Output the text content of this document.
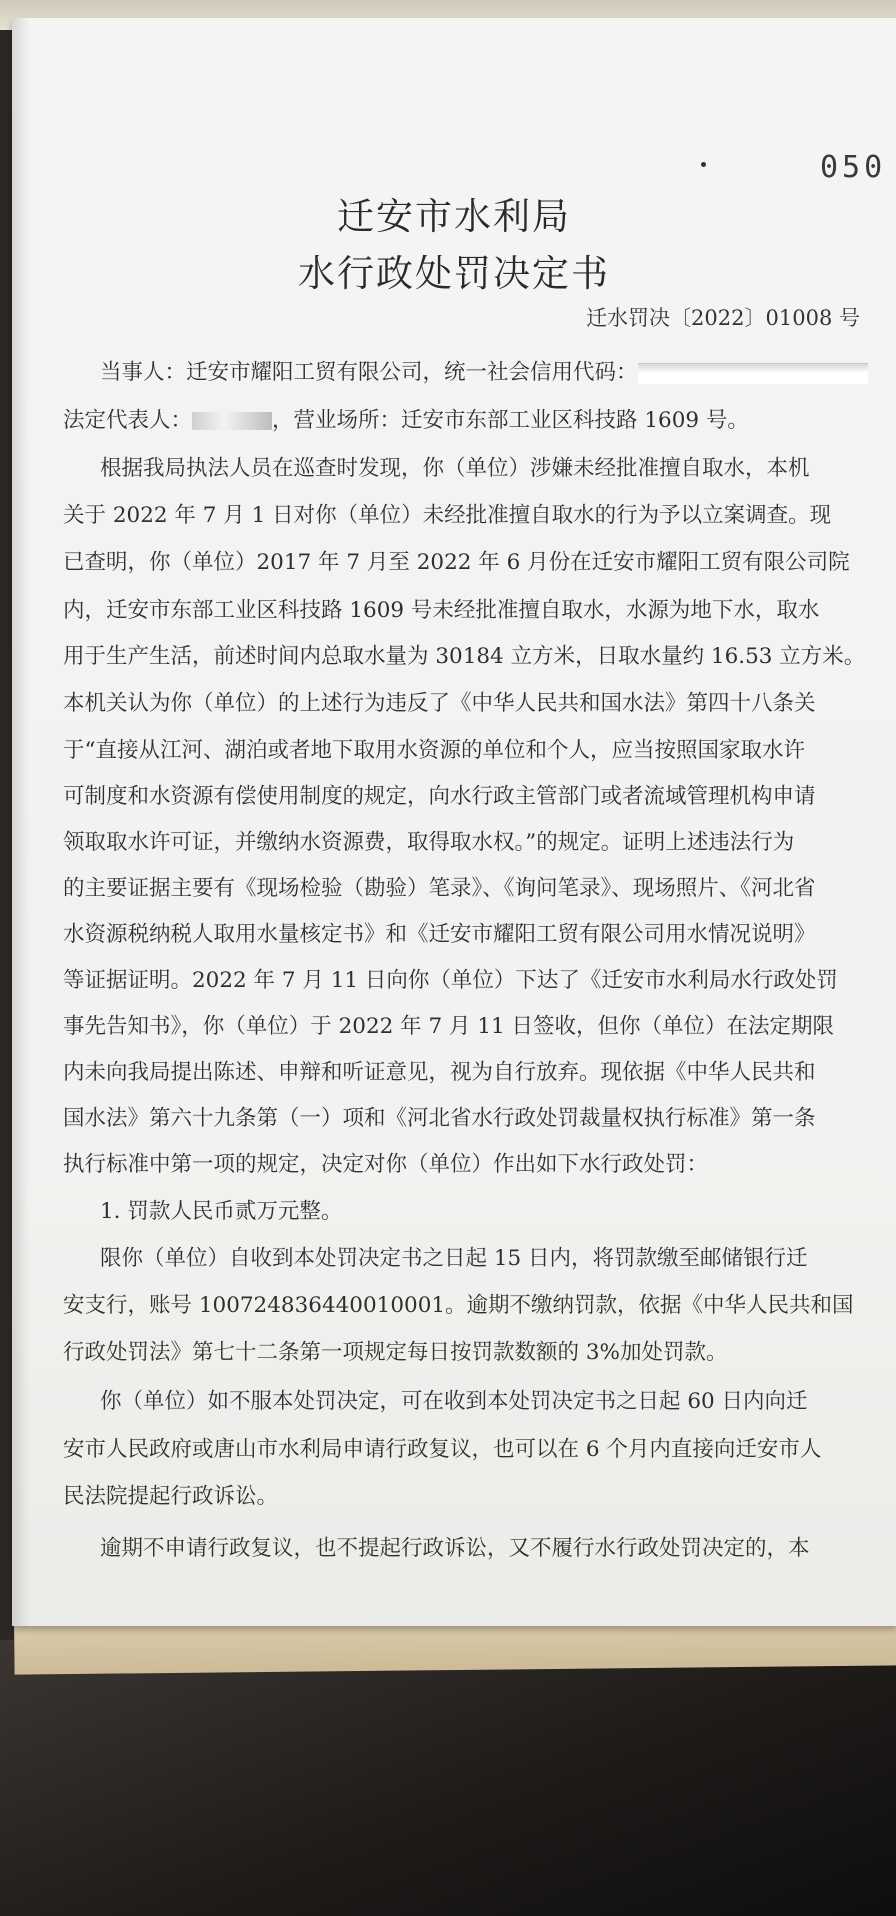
050
迁安市水利局
水行政处罚决定书
迁水罚决〔2022〕01008 号
当事人：迁安市耀阳工贸有限公司，统一社会信用代码：
法定代表人：	，营业场所：迁安市东部工业区科技路 1609 号。
根据我局执法人员在巡查时发现，你（单位）涉嫌未经批准擅自取水，本机
关于 2022 年 7 月 1 日对你（单位）未经批准擅自取水的行为予以立案调查。现
已查明，你（单位）2017 年 7 月至 2022 年 6 月份在迁安市耀阳工贸有限公司院
内，迁安市东部工业区科技路 1609 号未经批准擅自取水，水源为地下水，取水
用于生产生活，前述时间内总取水量为 30184 立方米，日取水量约 16.53 立方米。
本机关认为你（单位）的上述行为违反了《中华人民共和国水法》第四十八条关
于“直接从江河、湖泊或者地下取用水资源的单位和个人，应当按照国家取水许
可制度和水资源有偿使用制度的规定，向水行政主管部门或者流域管理机构申请
领取取水许可证，并缴纳水资源费，取得取水权。”的规定。证明上述违法行为
的主要证据主要有《现场检验（勘验）笔录》、《询问笔录》、现场照片、《河北省
水资源税纳税人取用水量核定书》和《迁安市耀阳工贸有限公司用水情况说明》
等证据证明。2022 年 7 月 11 日向你（单位）下达了《迁安市水利局水行政处罚
事先告知书》，你（单位）于 2022 年 7 月 11 日签收，但你（单位）在法定期限
内未向我局提出陈述、申辩和听证意见，视为自行放弃。现依据《中华人民共和
国水法》第六十九条第（一）项和《河北省水行政处罚裁量权执行标准》第一条
执行标准中第一项的规定，决定对你（单位）作出如下水行政处罚：
1. 罚款人民币贰万元整。
限你（单位）自收到本处罚决定书之日起 15 日内，将罚款缴至邮储银行迁
安支行，账号 100724836440010001。逾期不缴纳罚款，依据《中华人民共和国
行政处罚法》第七十二条第一项规定每日按罚款数额的 3%加处罚款。
你（单位）如不服本处罚决定，可在收到本处罚决定书之日起 60 日内向迁
安市人民政府或唐山市水利局申请行政复议，也可以在 6 个月内直接向迁安市人
民法院提起行政诉讼。
逾期不申请行政复议，也不提起行政诉讼，又不履行水行政处罚决定的，本
